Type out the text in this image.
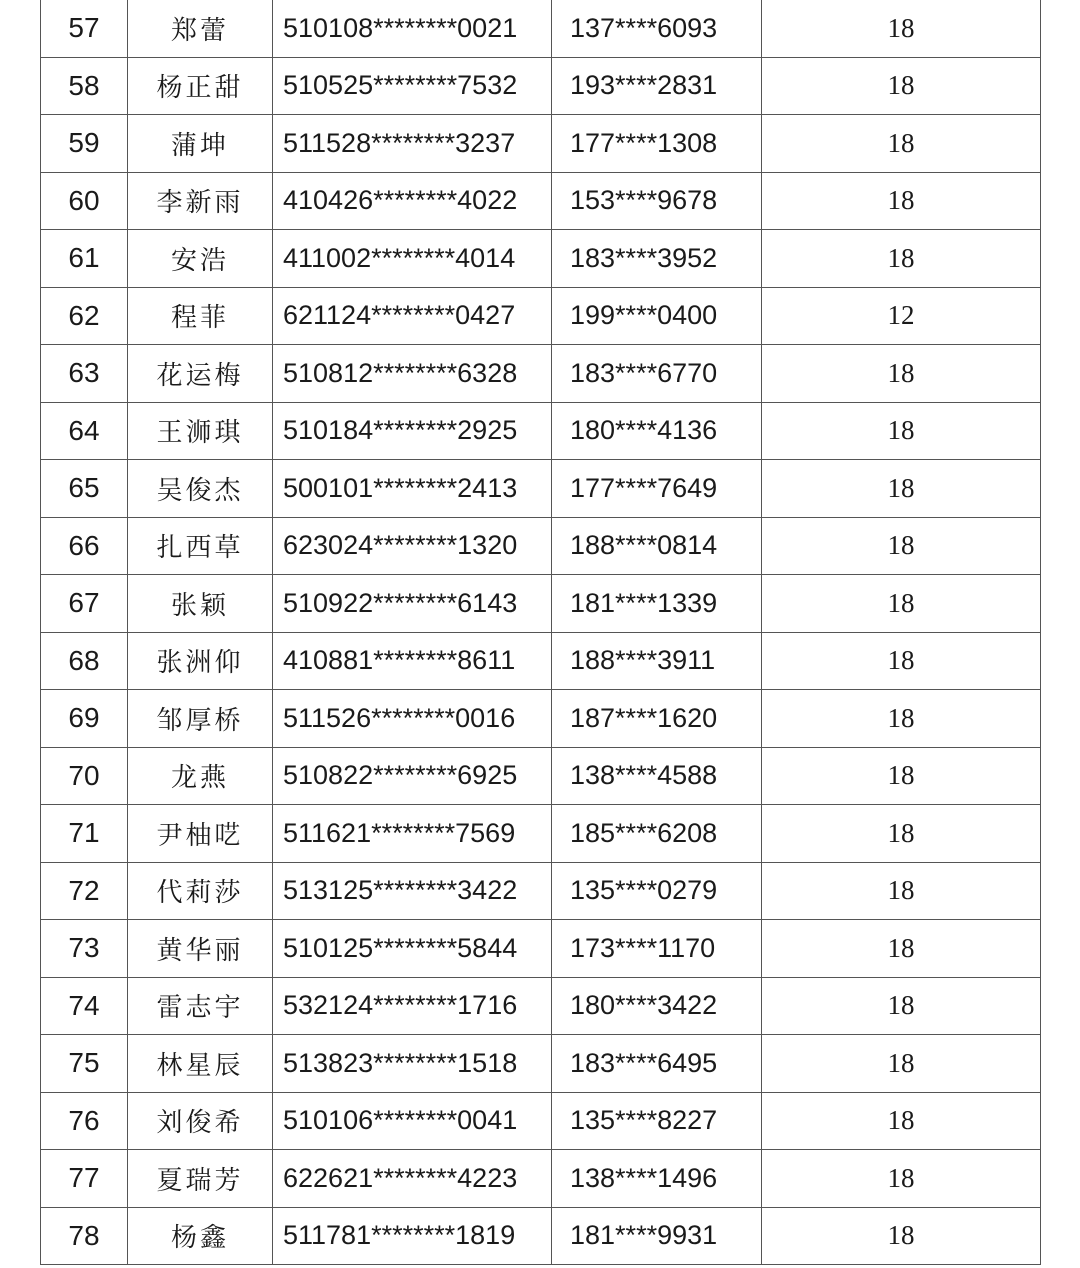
57	郑蕾	510108********0021	137****6093	18
58	杨正甜	510525********7532	193****2831	18
59	蒲坤	511528********3237	177****1308	18
60	李新雨	410426********4022	153****9678	18
61	安浩	411002********4014	183****3952	18
62	程菲	621124********0427	199****0400	12
63	花运梅	510812********6328	183****6770	18
64	王浉琪	510184********2925	180****4136	18
65	吴俊杰	500101********2413	177****7649	18
66	扎西草	623024********1320	188****0814	18
67	张颖	510922********6143	181****1339	18
68	张洲仰	410881********8611	188****3911	18
69	邹厚桥	511526********0016	187****1620	18
70	龙燕	510822********6925	138****4588	18
71	尹柚呓	511621********7569	185****6208	18
72	代莉莎	513125********3422	135****0279	18
73	黄华丽	510125********5844	173****1170	18
74	雷志宇	532124********1716	180****3422	18
75	林星辰	513823********1518	183****6495	18
76	刘俊希	510106********0041	135****8227	18
77	夏瑞芳	622621********4223	138****1496	18
78	杨鑫	511781********1819	181****9931	18
